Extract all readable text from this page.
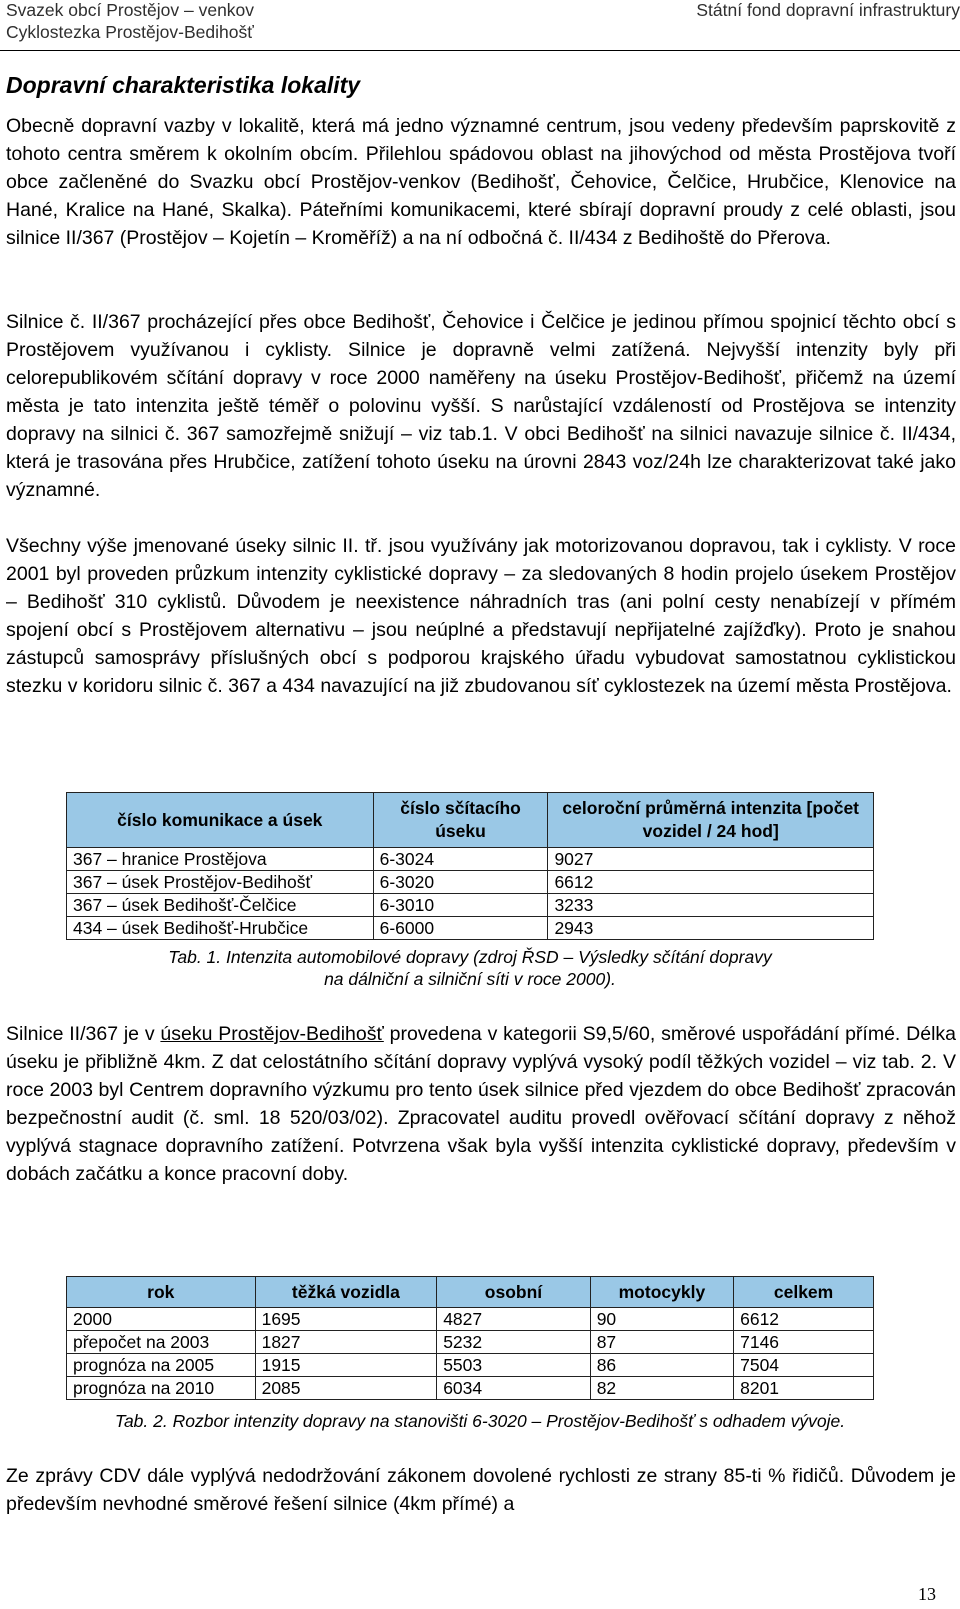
Svazek obcí Prostějov – venkov
Cyklostezka Prostějov-Bedihošť
Státní fond dopravní infrastruktury
Dopravní charakteristika lokality

Obecně dopravní vazby v lokalitě, která má jedno významné centrum, jsou vedeny především paprskovitě z tohoto centra směrem k okolním obcím. Přilehlou spádovou oblast na jihovýchod od města Prostějova tvoří obce začleněné do Svazku obcí Prostějov-venkov (Bedihošť, Čehovice, Čelčice, Hrubčice, Klenovice na Hané, Kralice na Hané, Skalka). Páteřními komunikacemi, které sbírají dopravní proudy z celé oblasti, jsou silnice II/367 (Prostějov – Kojetín – Kroměříž) a na ní odbočná č. II/434 z Bedihoště do Přerova.

Silnice č. II/367 procházející přes obce Bedihošť, Čehovice i Čelčice je jedinou přímou spojnicí těchto obcí s Prostějovem využívanou i cyklisty. Silnice je dopravně velmi zatížená. Nejvyšší intenzity byly při celorepublikovém sčítání dopravy v roce 2000 naměřeny na úseku Prostějov-Bedihošť, přičemž na území města je tato intenzita ještě téměř o polovinu vyšší. S narůstající vzdáleností od Prostějova se intenzity dopravy na silnici č. 367 samozřejmě snižují – viz tab.1. V obci Bedihošť na silnici navazuje silnice č. II/434, která je trasována přes Hrubčice, zatížení tohoto úseku na úrovni 2843 voz/24h lze charakterizovat také jako významné.

Všechny výše jmenované úseky silnic II. tř. jsou využívány jak motorizovanou dopravou, tak i cyklisty. V roce 2001 byl proveden průzkum intenzity cyklistické dopravy – za sledovaných 8 hodin projelo úsekem Prostějov – Bedihošť 310 cyklistů. Důvodem je neexistence náhradních tras (ani polní cesty nenabízejí v přímém spojení obcí s Prostějovem alternativu – jsou neúplné a představují nepřijatelné zajížďky). Proto je snahou zástupců samosprávy příslušných obcí s podporou krajského úřadu vybudovat samostatnou cyklistickou stezku v koridoru silnic č. 367 a 434 navazující na již zbudovanou síť cyklostezek na území města Prostějova.

číslo komunikace a úsek	číslo sčítacího úseku	celoroční průměrná intenzita [počet vozidel / 24 hod]
367 – hranice Prostějova	6-3024	9027
367 – úsek Prostějov-Bedihošť	6-3020	6612
367 – úsek Bedihošť-Čelčice	6-3010	3233
434 – úsek Bedihošť-Hrubčice	6-6000	2943
Tab. 1. Intenzita automobilové dopravy (zdroj ŘSD – Výsledky sčítání dopravy
na dálniční a silniční síti v roce 2000).

Silnice II/367 je v úseku Prostějov-Bedihošť provedena v kategorii S9,5/60, směrové uspořádání přímé. Délka úseku je přibližně 4km. Z dat celostátního sčítání dopravy vyplývá vysoký podíl těžkých vozidel – viz tab. 2. V roce 2003 byl Centrem dopravního výzkumu pro tento úsek silnice před vjezdem do obce Bedihošť zpracován bezpečnostní audit (č. sml. 18 520/03/02). Zpracovatel auditu provedl ověřovací sčítání dopravy z něhož vyplývá stagnace dopravního zatížení. Potvrzena však byla vyšší intenzita cyklistické dopravy, především v dobách začátku a konce pracovní doby.

rok	těžká vozidla	osobní	motocykly	celkem
2000	1695	4827	90	6612
přepočet na 2003	1827	5232	87	7146
prognóza na 2005	1915	5503	86	7504
prognóza na 2010	2085	6034	82	8201
Tab. 2. Rozbor intenzity dopravy na stanovišti 6-3020 – Prostějov-Bedihošť s odhadem vývoje.

Ze zprávy CDV dále vyplývá nedodržování zákonem dovolené rychlosti ze strany 85-ti % řidičů. Důvodem je především nevhodné směrové řešení silnice (4km přímé) a

13
